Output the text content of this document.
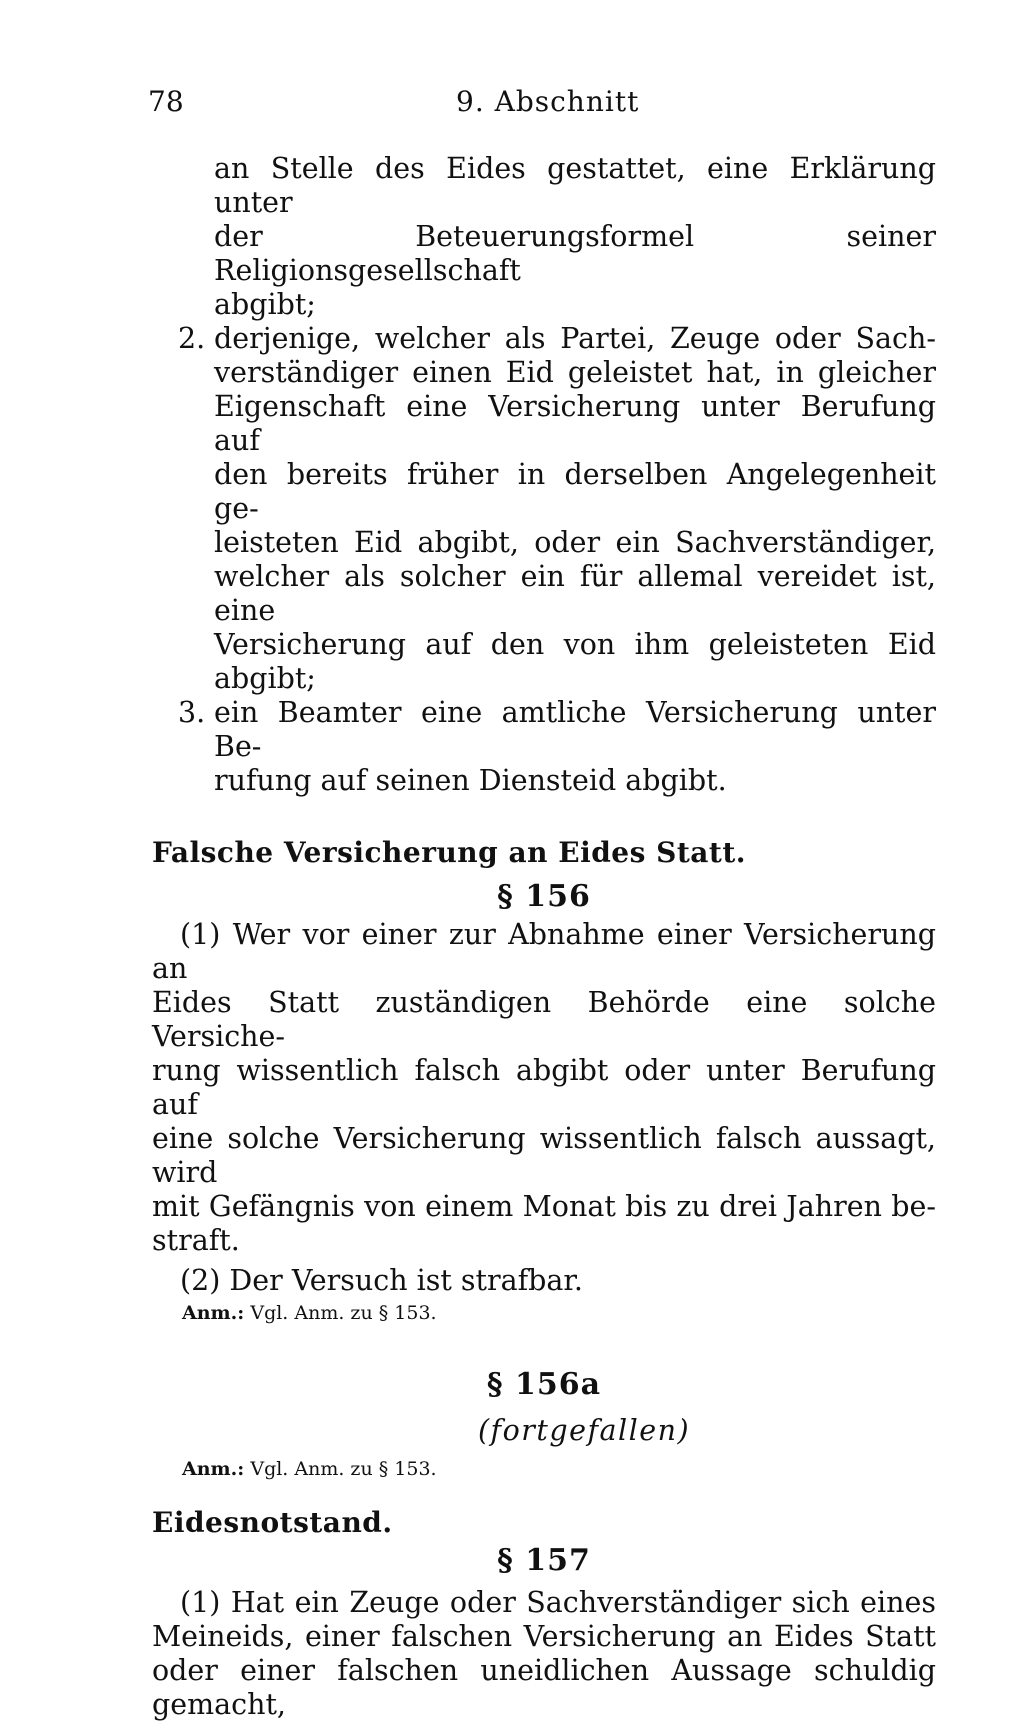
78	9. Abschnitt
an Stelle des Eides gestattet, eine Erklärung unter
der Beteuerungsformel seiner Religionsgesellschaft
abgibt;
2. derjenige, welcher als Partei, Zeuge oder Sach-
verständiger einen Eid geleistet hat, in gleicher
Eigenschaft eine Versicherung unter Berufung auf
den bereits früher in derselben Angelegenheit ge-
leisteten Eid abgibt, oder ein Sachverständiger,
welcher als solcher ein für allemal vereidet ist, eine
Versicherung auf den von ihm geleisteten Eid abgibt;
3. ein Beamter eine amtliche Versicherung unter Be-
rufung auf seinen Diensteid abgibt.
Falsche Versicherung an Eides Statt.
§ 156
(1) Wer vor einer zur Abnahme einer Versicherung an
Eides Statt zuständigen Behörde eine solche Versiche-
rung wissentlich falsch abgibt oder unter Berufung auf
eine solche Versicherung wissentlich falsch aussagt, wird
mit Gefängnis von einem Monat bis zu drei Jahren be-
straft.
(2) Der Versuch ist strafbar.
Anm.: Vgl. Anm. zu § 153.
§ 156a
(fortgefallen)
Anm.: Vgl. Anm. zu § 153.
Eidesnotstand.
§ 157
(1) Hat ein Zeuge oder Sachverständiger sich eines
Meineids, einer falschen Versicherung an Eides Statt
oder einer falschen uneidlichen Aussage schuldig gemacht,
